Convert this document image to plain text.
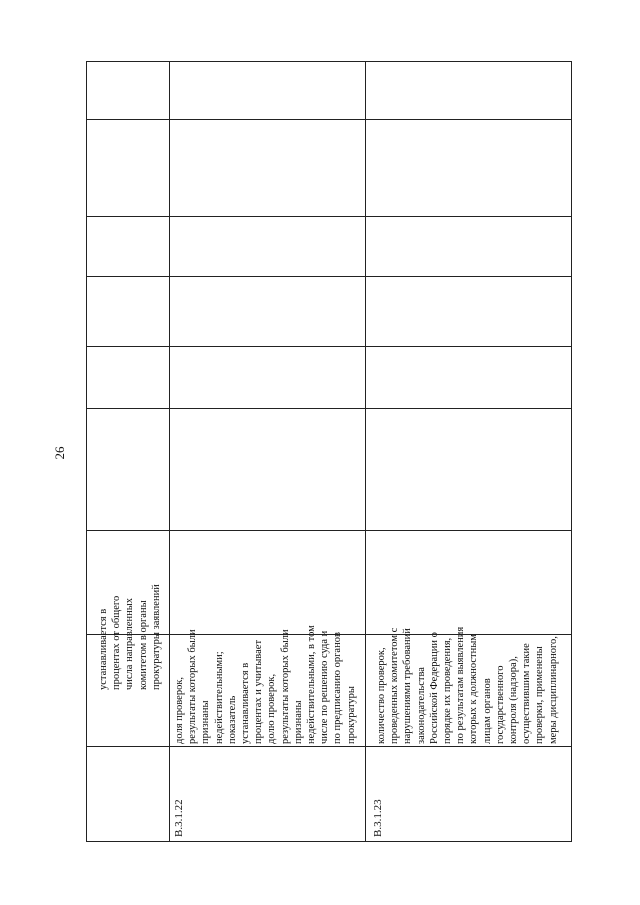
26
устанавливается в процентах от общего числа направленных комитетом в органы прокуратуры заявлений
B.3.1.22
доля проверок, результаты которых были признаны недействительными; показатель устанавливается в процентах и учитывает долю проверок, результаты которых были признаны недействительными, в том числе по решению суда и по предписанию органов прокуратуры
B.3.1.23
количество проверок, проведенных комитетом с нарушениями требований законодательства Российской Федерации о порядке их проведения, по результатам выявления которых к должностным лицам органов государственного контроля (надзора), осуществившим такие проверки, применены меры дисциплинарного,
